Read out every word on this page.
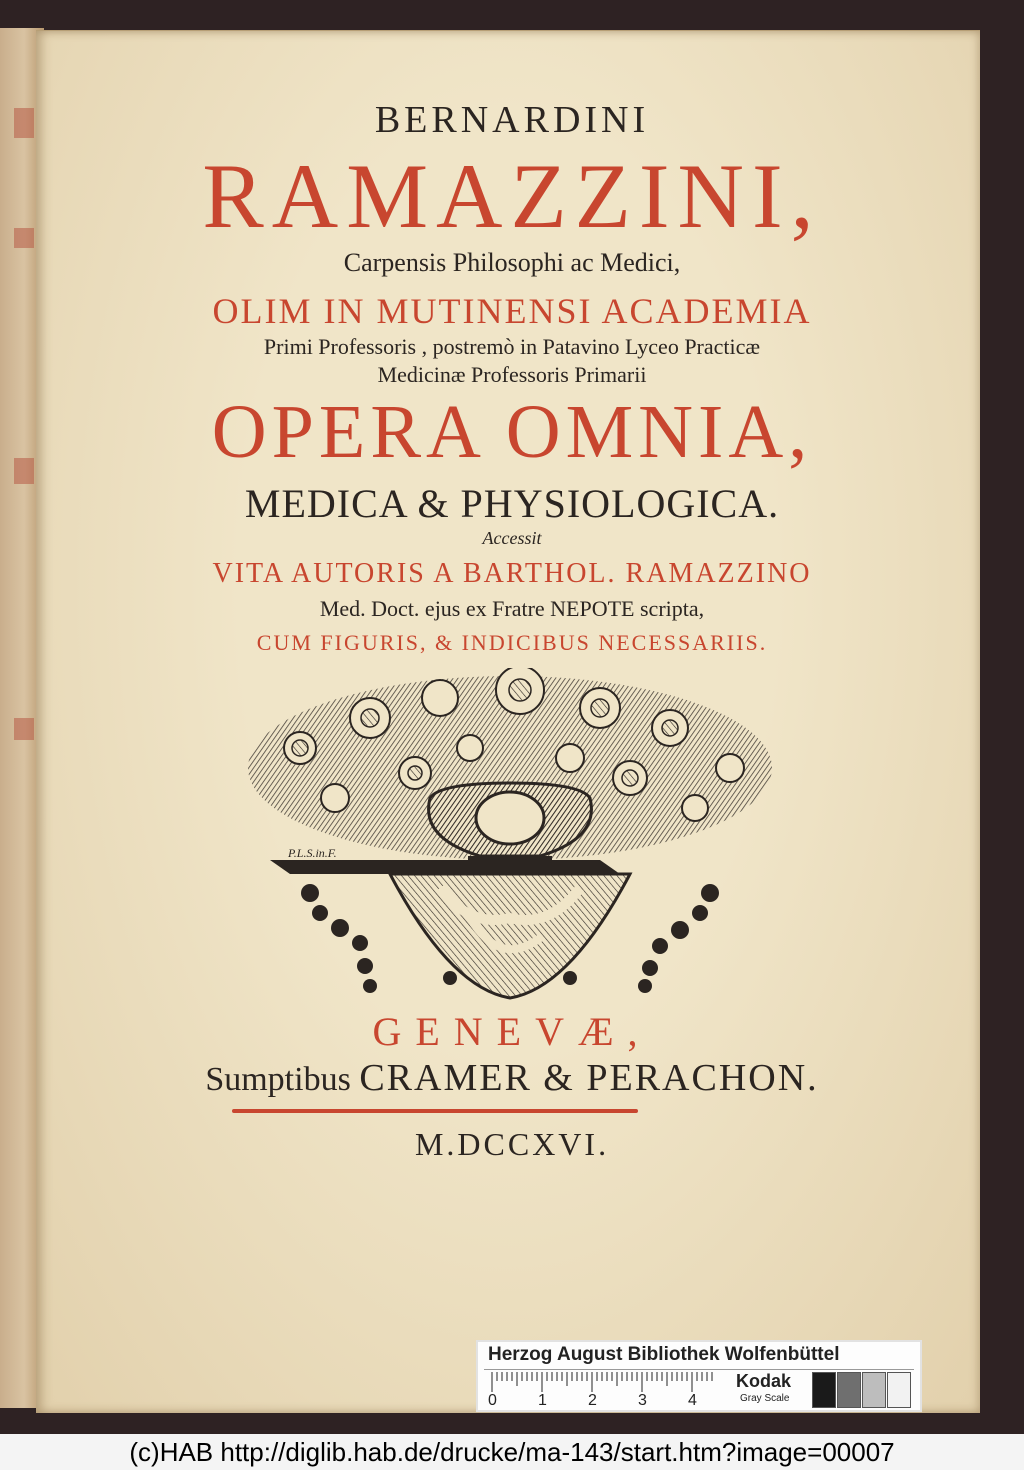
BERNARDINI
RAMAZZINI,
Carpensis Philosophi ac Medici,
OLIM IN MUTINENSI ACADEMIA
Primi Professoris , postremò in Patavino Lyceo Practicæ
Medicinæ Professoris Primarii
OPERA OMNIA,
MEDICA & PHYSIOLOGICA.
Accessit
VITA AUTORIS A BARTHOL. RAMAZZINO
Med. Doct. ejus ex Fratre NEPOTE scripta,
CUM FIGURIS, & INDICIBUS NECESSARIIS.
P.L.S.in.F.
GENEVÆ,
Sumptibus CRAMER & PERACHON.
M.DCCXVI.
(c)HAB http://diglib.hab.de/drucke/ma-143/start.htm?image=00007
Herzog August Bibliothek Wolfenbüttel
0	1	2	3	4
Kodak
Gray Scale
